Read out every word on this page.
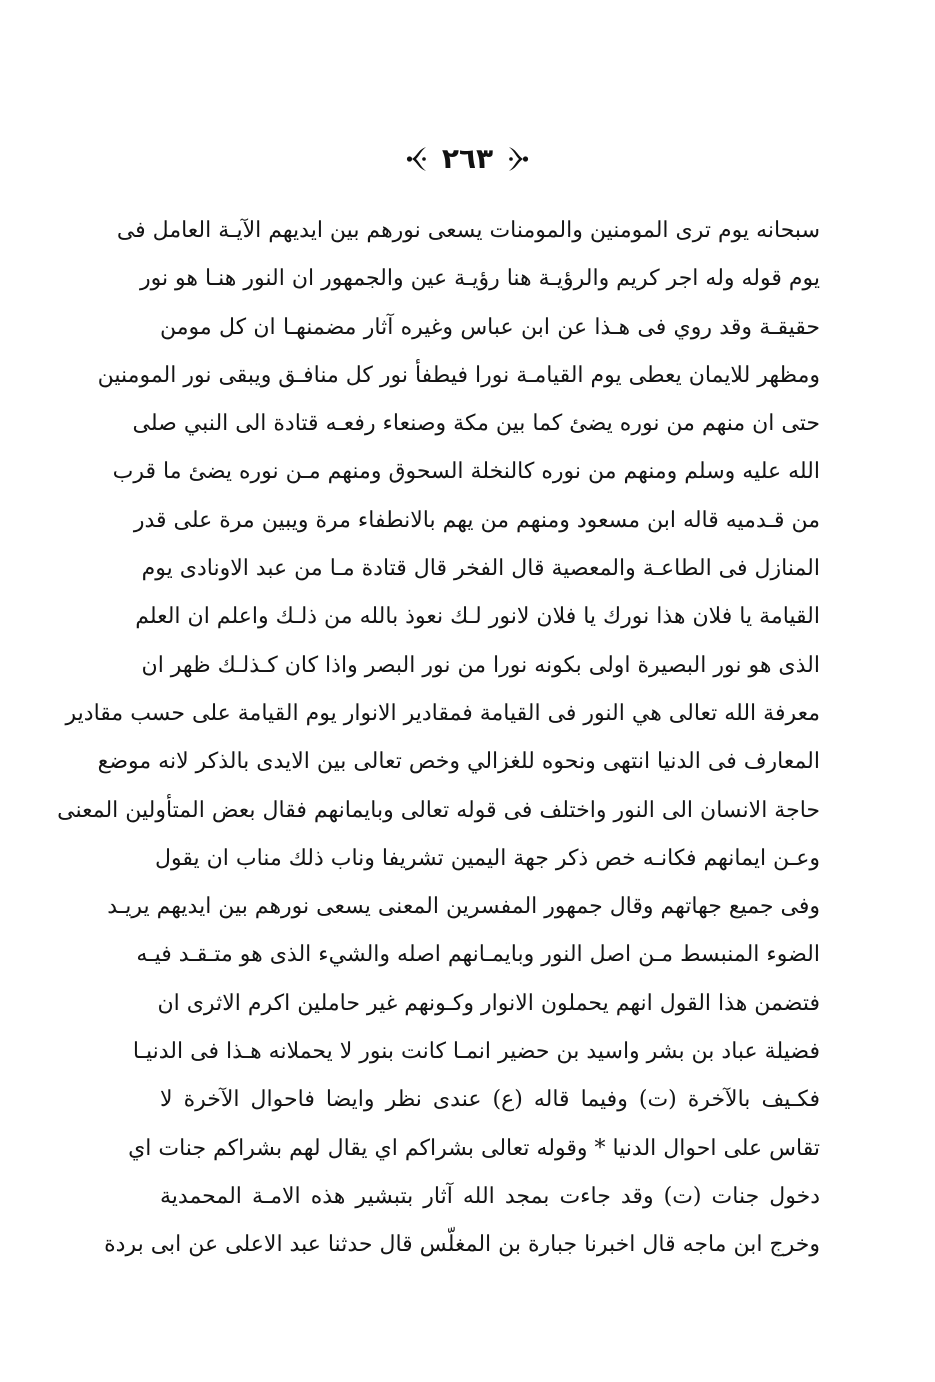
٢٦٣
سبحانه يوم ترى المومنين والمومنات يسعى نورهم بين ايديهم الآيـة العامل فى
يوم قوله وله اجر كريم والرؤيـة هنا رؤيـة عين والجمهور ان النور هنـا هو نور
حقيقـة وقد روي فى هـذا عن ابن عباس وغيره آثار مضمنهـا ان كل مومن
ومظهر للايمان يعطى يوم القيامـة نورا فيطفأ نور كل منافـق ويبقى نور المومنين
حتى ان منهم من نوره يضئ كما بين مكة وصنعاء رفعـه قتادة الى النبي صلى
الله عليه وسلم ومنهم من نوره كالنخلة السحوق ومنهم مـن نوره يضئ ما قرب
من قـدميه قاله ابن مسعود ومنهم من يهم بالانطفاء مرة ويبين مرة على قدر
المنازل فى الطاعـة والمعصية قال الفخر قال قتادة مـا من عبد الاونادى يوم
القيامة يا فلان هذا نورك يا فلان لانور لـك نعوذ بالله من ذلـك واعلم ان العلم
الذى هو نور البصيرة اولى بكونه نورا من نور البصر واذا كان كـذلـك ظهر ان
معرفة الله تعالى هي النور فى القيامة فمقادير الانوار يوم القيامة على حسب مقادير
المعارف فى الدنيا انتهى ونحوه للغزالي وخص تعالى بين الايدى بالذكر لانه موضع
حاجة الانسان الى النور واختلف فى قوله تعالى وبايمانهم فقال بعض المتأولين المعنى
وعـن ايمانهم فكانـه خص ذكر جهة اليمين تشريفا وناب ذلك مناب ان يقول
وفى جميع جهاتهم وقال جمهور المفسرين المعنى يسعى نورهم بين ايديهم يريـد
الضوء المنبسط مـن اصل النور وبايمـانهم اصله والشيء الذى هو متـقـد فيـه
فتضمن هذا القول انهم يحملون الانوار وكـونهم غير حاملين اكرم الاثرى ان
فضيلة عباد بن بشر واسيد بن حضير انمـا كانت بنور لا يحملانه هـذا فى الدنيـا
فكـيف بالآخرة (ت) وفيما قاله (ع) عندى نظر وايضا فاحوال الآخرة لا
تقاس على احوال الدنيا * وقوله تعالى بشراكم اي يقال لهم بشراكم جنات اي
دخول جنات (ت) وقد جاءت بمجد الله آثار بتبشير هذه الامـة المحمدية
وخرج ابن ماجه قال اخبرنا جبارة بن المغلّس قال حدثنا عبد الاعلى عن ابى بردة
